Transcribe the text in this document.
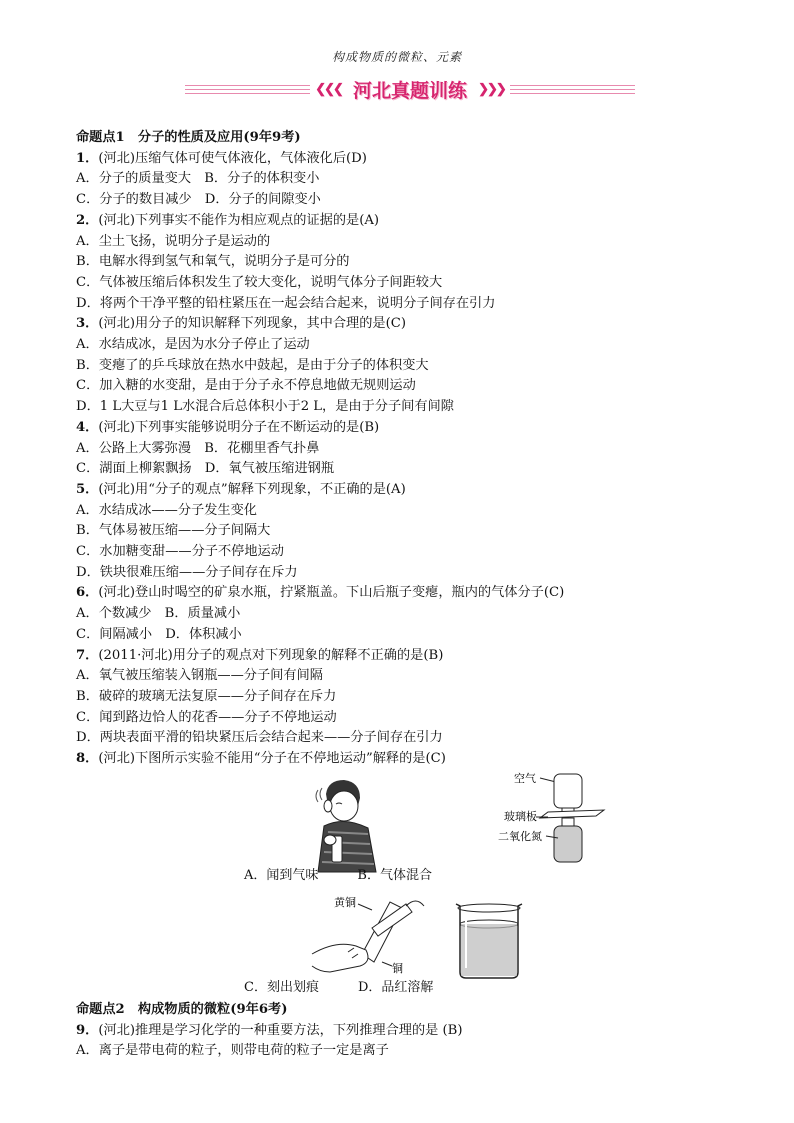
构成物质的微粒、元素
❮❮❮ 河北真题训练 ❯❯❯
命题点1　分子的性质及应用(9年9考)
1．(河北)压缩气体可使气体液化，气体液化后(D)
A．分子的质量变大　B．分子的体积变小
C．分子的数目减少　D．分子的间隙变小
2．(河北)下列事实不能作为相应观点的证据的是(A)
A．尘土飞扬，说明分子是运动的
B．电解水得到氢气和氧气，说明分子是可分的
C．气体被压缩后体积发生了较大变化，说明气体分子间距较大
D．将两个干净平整的铅柱紧压在一起会结合起来，说明分子间存在引力
3．(河北)用分子的知识解释下列现象，其中合理的是(C)
A．水结成冰，是因为水分子停止了运动
B．变瘪了的乒乓球放在热水中鼓起，是由于分子的体积变大
C．加入糖的水变甜，是由于分子永不停息地做无规则运动
D．1 L大豆与1 L水混合后总体积小于2 L，是由于分子间有间隙
4．(河北)下列事实能够说明分子在不断运动的是(B)
A．公路上大雾弥漫　B．花棚里香气扑鼻
C．湖面上柳絮飘扬　D．氧气被压缩进钢瓶
5．(河北)用“分子的观点”解释下列现象，不正确的是(A)
A．水结成冰——分子发生变化
B．气体易被压缩——分子间隔大
C．水加糖变甜——分子不停地运动
D．铁块很难压缩——分子间存在斥力
6．(河北)登山时喝空的矿泉水瓶，拧紧瓶盖。下山后瓶子变瘪，瓶内的气体分子(C)
A．个数减少　B．质量减小
C．间隔减小　D．体积减小
7．(2011·河北)用分子的观点对下列现象的解释不正确的是(B)
A．氧气被压缩装入钢瓶——分子间有间隔
B．破碎的玻璃无法复原——分子间存在斥力
C．闻到路边恰人的花香——分子不停地运动
D．两块表面平滑的铅块紧压后会结合起来——分子间存在引力
8．(河北)下图所示实验不能用“分子在不停地运动”解释的是(C)
空气
玻璃板
二氧化氮
A．闻到气味　　　B．气体混合
黄铜
铜
C．刻出划痕　　　D．品红溶解
命题点2　构成物质的微粒(9年6考)
9．(河北)推理是学习化学的一种重要方法，下列推理合理的是 (B)
A．离子是带电荷的粒子，则带电荷的粒子一定是离子
